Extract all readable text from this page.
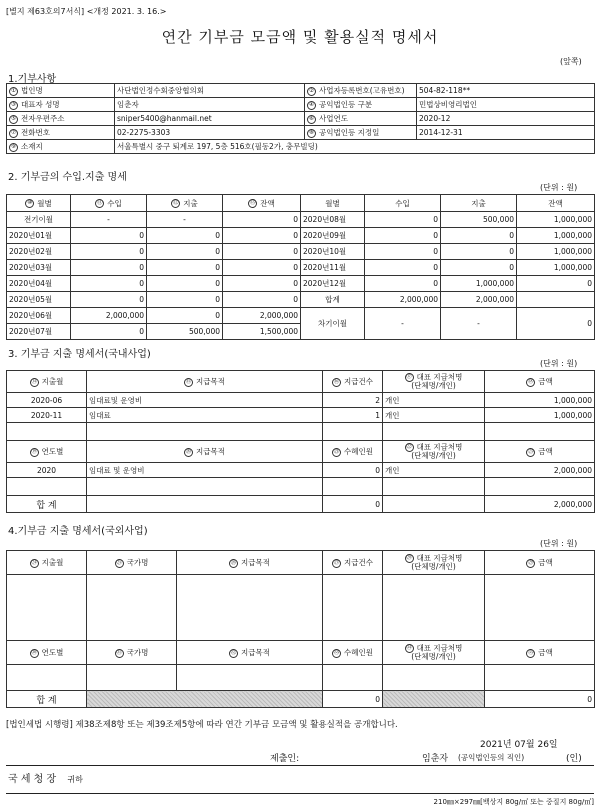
[별지 제63호의7서식] <개정 2021. 3. 16.>
연간 기부금 모금액 및 활용실적 명세서
(앞쪽)
1.기부사항
① 법인명	사단법인정수회중앙협의회	② 사업자등록번호(고유번호)	504-82-118**
③ 대표자 성명	임춘자	④ 공익법인등 구분	민법상비영리법인
⑤ 전자우편주소	sniper5400@hanmail.net	⑥ 사업연도	2020-12
⑦ 전화번호	02-2275-3303	⑧ 공익법인등 지정일	2014-12-31
⑨ 소재지	서울특별시 중구 퇴계로 197, 5층 516호(필동2가, 충무빌딩)		
2. 기부금의 수입.지출 명세
(단위 : 원)
⑩ 월별	⑪ 수입	⑫ 지출	⑬ 잔액	월별	수입	지출	잔액
전기이월	-	-	0	2020년08월	0	500,000	1,000,000
2020년01월	0	0	0	2020년09월	0	0	1,000,000
2020년02월	0	0	0	2020년10월	0	0	1,000,000
2020년03월	0	0	0	2020년11월	0	0	1,000,000
2020년04월	0	0	0	2020년12월	0	1,000,000	0
2020년05월	0	0	0	합계	2,000,000	2,000,000	
2020년06월	2,000,000	0	2,000,000	차기이월	-	-	0
2020년07월	0	500,000	1,500,000				
3. 기부금 지출 명세서(국내사업)
(단위 : 원)
⑭ 지출월	⑮ 지급목적	⑯ 지급건수	⑰ 대표 지급처명
(단체명/개인)	⑱ 금액
2020-06	임대료및 운영비	2	개인	1,000,000
2020-11	임대료	1	개인	1,000,000

⑲ 연도별	⑳ 지급목적	㉑ 수혜인원	㉒ 대표 지급처명
(단체명/개인)	㉓ 금액
2020	임대료 및 운영비	0	개인	2,000,000

합 계		0		2,000,000
4.기부금 지출 명세서(국외사업)
(단위 : 원)
㉔ 지출월	㉕ 국가명	㉖ 지급목적	㉗ 지급건수	㉘ 대표 지급처명
(단체명/개인)	㉙ 금액

㉚ 연도별	㉛ 국가명	㉜ 지급목적	㉝ 수혜인원	㉞ 대표 지급처명
(단체명/개인)	㉟ 금액

합 계			0		0
[법인세법 시행령] 제38조제8항 또는 제39조제5항에 따라 연간 기부금 모금액 및 활용실적을 공개합니다.
2021년 07월 26일
제출인:	임춘자 (공익법인등의 직인)	(인)
국 세 청 장 귀하
210㎜×297㎜[백상지 80g/㎡ 또는 중질지 80g/㎡]
